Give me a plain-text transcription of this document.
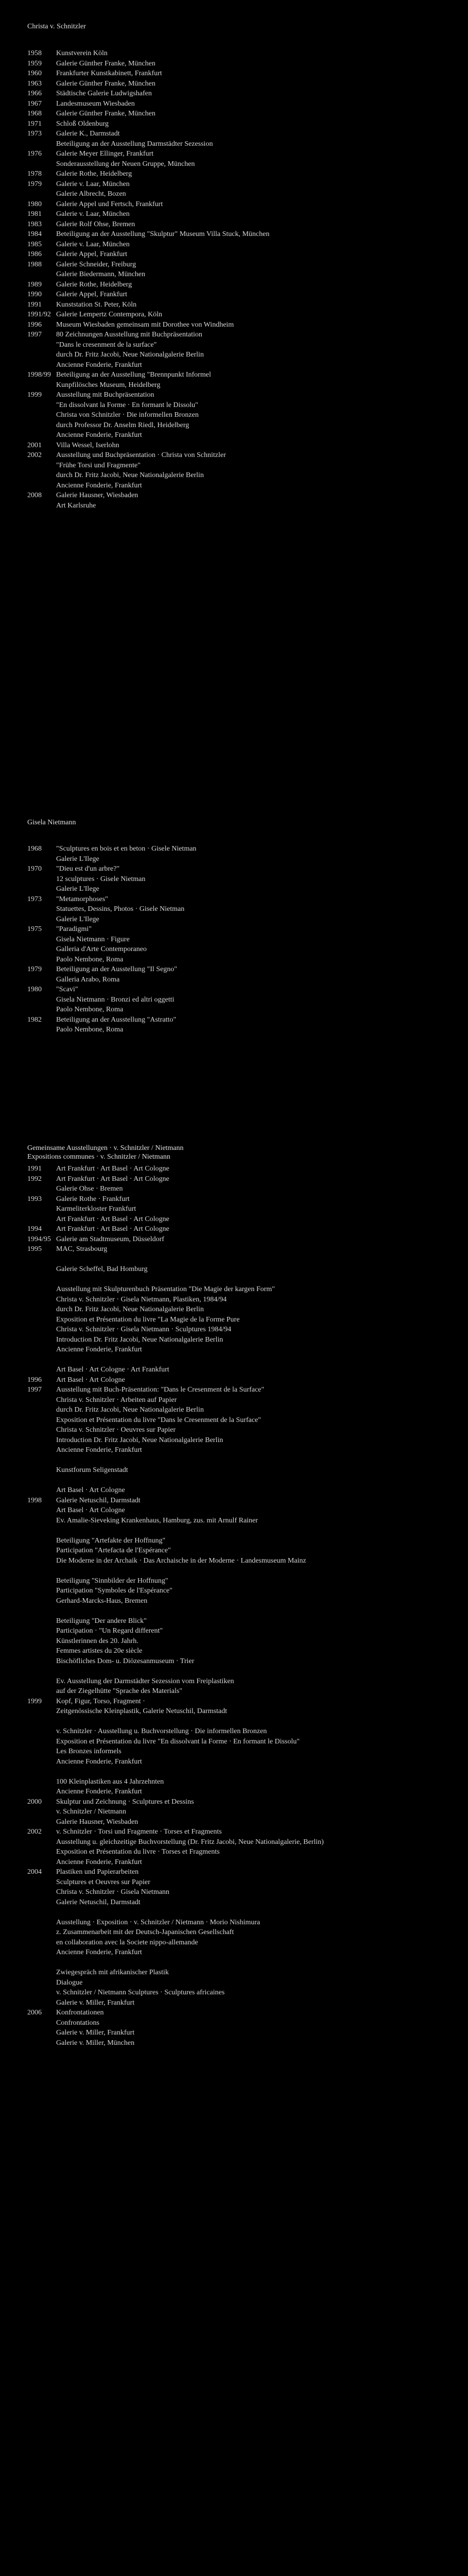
Christa v. Schnitzler
1958	Kunstverein Köln
1959	Galerie Günther Franke, München
1960	Frankfurter Kunstkabinett, Frankfurt
1963	Galerie Günther Franke, München
1966	Städtische Galerie Ludwigshafen
1967	Landesmuseum Wiesbaden
1968	Galerie Günther Franke, München
1971	Schloß Oldenburg
1973	Galerie K., Darmstadt
Beteiligung an der Ausstellung Darmstädter Sezession
1976	Galerie Meyer Ellinger, Frankfurt
Sonderausstellung der Neuen Gruppe, München
1978	Galerie Rothe, Heidelberg
1979	Galerie v. Laar, München
Galerie Albrecht, Bozen
1980	Galerie Appel und Fertsch, Frankfurt
1981	Galerie v. Laar, München
1983	Galerie Rolf Ohse, Bremen
1984	Beteiligung an der Ausstellung "Skulptur" Museum Villa Stuck, München
1985	Galerie v. Laar, München
1986	Galerie Appel, Frankfurt
1988	Galerie Schneider, Freiburg
Galerie Biedermann, München
1989	Galerie Rothe, Heidelberg
1990	Galerie Appel, Frankfurt
1991	Kunststation St. Peter, Köln
1991/92 Galerie Lempertz Contempora, Köln
1996	Museum Wiesbaden gemeinsam mit Dorothee von Windheim
1997	80 Zeichnungen Ausstellung mit Buchpräsentation
"Dans le cresenment de la surface"
durch Dr. Fritz Jacobi, Neue Nationalgalerie Berlin
Ancienne Fonderie, Frankfurt
1998/99 Beteiligung an der Ausstellung "Brennpunkt Informel
Kunpfilösches Museum, Heidelberg
1999	Ausstellung mit Buchpräsentation
"En dissolvant la Forme · En formant le Dissolu"
Christa von Schnitzler · Die informellen Bronzen
durch Professor Dr. Anselm Riedl, Heidelberg
Ancienne Fonderie, Frankfurt
2001	Villa Wessel, Iserlohn
2002	Ausstellung und Buchpräsentation · Christa von Schnitzler
"Frühe Torsi und Fragmente"
durch Dr. Fritz Jacobi, Neue Nationalgalerie Berlin
Ancienne Fonderie, Frankfurt
2008	Galerie Hausner, Wiesbaden
Art Karlsruhe
Gisela Nietmann
1968	"Sculptures en bois et en beton · Gisele Nietman
Galerie L'Ilege
1970	"Dieu est d'un arbre?"
12 sculptures · Gisele Nietman
Galerie L'Ilege
1973	"Metamorphoses"
Statuettes, Dessins, Photos · Gisele Nietman
Galerie L'Ilege
1975	"Paradigmi"
Gisela Nietmann · Figure
Galleria d'Arte Contemporaneo
Paolo Nembone, Roma
1979	Beteiligung an der Ausstellung "Il Segno"
Galleria Arabo, Roma
1980	"Scavi"
Gisela Nietmann · Bronzi ed altri oggetti
Paolo Nembone, Roma
1982	Beteiligung an der Ausstellung "Astratto"
Paolo Nembone, Roma
Gemeinsame Ausstellungen · v. Schnitzler / Nietmann
Expositions communes · v. Schnitzler / Nietmann
1991	Art Frankfurt · Art Basel · Art Cologne
1992	Art Frankfurt · Art Basel · Art Cologne
Galerie Ohse · Bremen
1993	Galerie Rothe · Frankfurt
Karmeliterkloster Frankfurt
Art Frankfurt · Art Basel · Art Cologne
1994	Art Frankfurt · Art Basel · Art Cologne
1994/95 Galerie am Stadtmuseum, Düsseldorf
1995	MAC, Strasbourg
Galerie Scheffel, Bad Homburg
Ausstellung mit Skulpturenbuch Präsentation "Die Magie der kargen Form"
Christa v. Schnitzler · Gisela Nietmann, Plastiken, 1984/94
durch Dr. Fritz Jacobi, Neue Nationalgalerie Berlin
Exposition et Présentation du livre "La Magie de la Forme Pure
Christa v. Schnitzler · Gisela Nietmann · Sculptures 1984/94
Introduction Dr. Fritz Jacobi, Neue Nationalgalerie Berlin
Ancienne Fonderie, Frankfurt
Art Basel · Art Cologne · Art Frankfurt
1996	Art Basel · Art Cologne
1997	Ausstellung mit Buch-Präsentation: "Dans le Cresenment de la Surface"
Christa v. Schnitzler · Arbeiten auf Papier
durch Dr. Fritz Jacobi, Neue Nationalgalerie Berlin
Exposition et Présentation du livre "Dans le Cresenment de la Surface"
Christa v. Schnitzler · Oeuvres sur Papier
Introduction Dr. Fritz Jacobi, Neue Nationalgalerie Berlin
Ancienne Fonderie, Frankfurt
Kunstforum Seligenstadt
Art Basel · Art Cologne
1998	Galerie Netuschil, Darmstadt
Art Basel · Art Cologne
Ev. Amalie-Sieveking Krankenhaus, Hamburg, zus. mit Arnulf Rainer
Beteiligung "Artefakte der Hoffnung"
Participation "Artefacta de l'Espérance"
Die Moderne in der Archaik · Das Archaische in der Moderne · Landesmuseum Mainz
Beteiligung "Sinnbilder der Hoffnung"
Participation "Symboles de l'Espérance"
Gerhard-Marcks-Haus, Bremen
Beteiligung "Der andere Blick"
Participation · "Un Regard different"
Künstlerinnen des 20. Jahrh.
Femmes artistes du 20e siècle
Bischöfliches Dom- u. Diözesanmuseum · Trier
Ev. Ausstellung der Darmstädter Sezession vom Freiplastiken
auf der Ziegelhütte "Sprache des Materials"
1999	Kopf, Figur, Torso, Fragment ·
Zeitgenössische Kleinplastik, Galerie Netuschil, Darmstadt
v. Schnitzler · Ausstellung u. Buchvorstellung · Die informellen Bronzen
Exposition et Présentation du livre "En dissolvant la Forme · En formant le Dissolu"
Les Bronzes informels
Ancienne Fonderie, Frankfurt
100 Kleinplastiken aus 4 Jahrzehnten
Ancienne Fonderie, Frankfurt
2000	Skulptur und Zeichnung · Sculptures et Dessins
v. Schnitzler / Nietmann
Galerie Hausner, Wiesbaden
2002	v. Schnitzler · Torsi und Fragmente · Torses et Fragments
Ausstellung u. gleichzeitige Buchvorstellung (Dr. Fritz Jacobi, Neue Nationalgalerie, Berlin)
Exposition et Présentation du livre · Torses et Fragments
Ancienne Fonderie, Frankfurt
2004	Plastiken und Papierarbeiten
Sculptures et Oeuvres sur Papier
Christa v. Schnitzler · Gisela Nietmann
Galerie Netuschil, Darmstadt
Ausstellung · Exposition · v. Schnitzler / Nietmann · Morio Nishimura
z. Zusammenarbeit mit der Deutsch-Japanischen Gesellschaft
en collaboration avec la Societe nippo-allemande
Ancienne Fonderie, Frankfurt
Zwiegespräch mit afrikanischer Plastik
Dialogue
v. Schnitzler / Nietmann Sculptures · Sculptures africaines
Galerie v. Miller, Frankfurt
2006	Konfrontationen
Confrontations
Galerie v. Miller, Frankfurt
Galerie v. Miller, München
